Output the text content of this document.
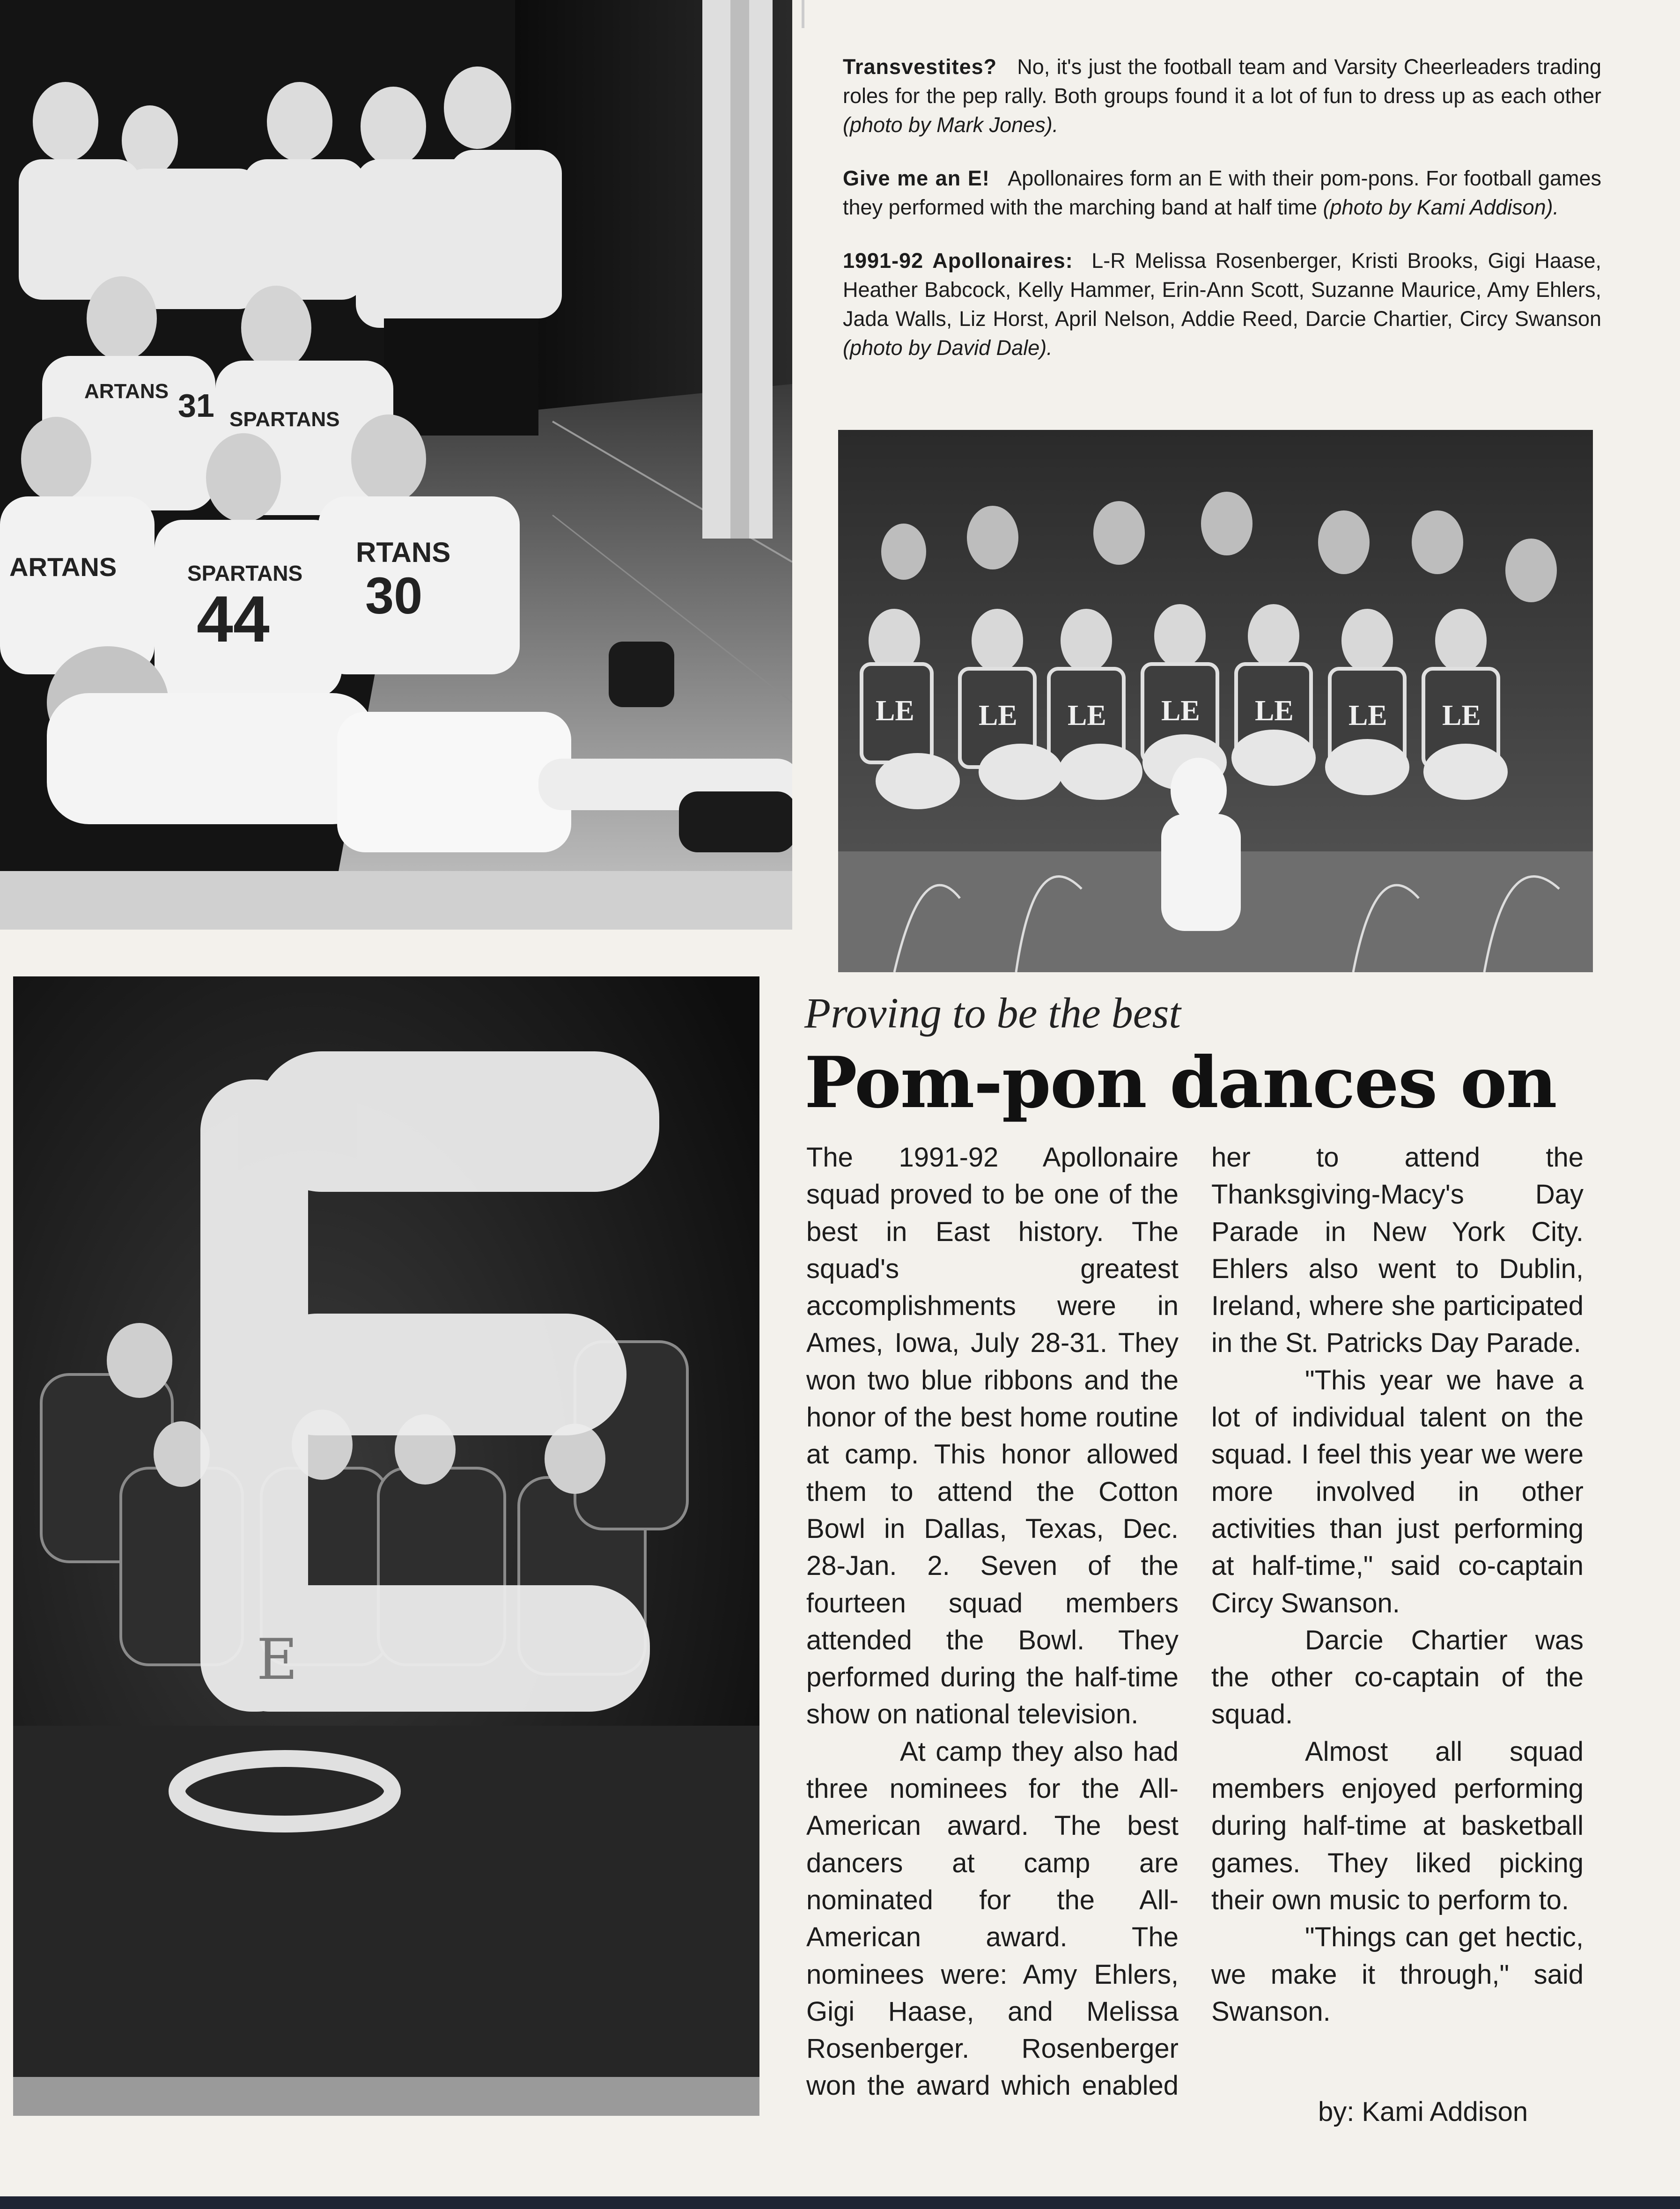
ARTANS
SPARTANS
31
SPARTANS
44
RTANS
30
ARTANS

Transvestites? No, it's just the football team and Varsity Cheerleaders trading roles for the pep rally. Both groups found it a lot of fun to dress up as each other (photo by Mark Jones).

Give me an E! Apollonaires form an E with their pom-pons. For football games they performed with the marching band at half time (photo by Kami Addison).

1991-92 Apollonaires: L-R Melissa Rosenberger, Kristi Brooks, Gigi Haase, Heather Babcock, Kelly Hammer, Erin-Ann Scott, Suzanne Maurice, Amy Ehlers, Jada Walls, Liz Horst, April Nelson, Addie Reed, Darcie Chartier, Circy Swanson (photo by David Dale).

LE LE LE LE LE LE LE
E
Proving to be the best
Pom-pon dances on

The 1991-92 Apollonaire squad proved to be one of the best in East history. The squad's greatest accomplishments were in Ames, Iowa, July 28-31. They won two blue ribbons and the honor of the best home routine at camp. This honor allowed them to attend the Cotton Bowl in Dallas, Texas, Dec. 28-Jan. 2. Seven of the fourteen squad members attended the Bowl. They performed during the half-time show on national television.

At camp they also had three nominees for the All-American award. The best dancers at camp are nominated for the All- American award. The nominees were: Amy Ehlers, Gigi Haase, and Melissa Rosenberger. Rosenberger won the award which enabled her to attend the Thanksgiving-Macy's Day Parade in New York City. Ehlers also went to Dublin, Ireland, where she participated in the St. Patricks Day Parade.

"This year we have a lot of individual talent on the squad. I feel this year we were more involved in other activities than just performing at half-time," said co-captain Circy Swanson.

Darcie Chartier was the other co-captain of the squad.

Almost all squad members enjoyed performing during half-time at basketball games. They liked picking their own music to perform to.

"Things can get hectic, we make it through," said Swanson.

by: Kami Addison
